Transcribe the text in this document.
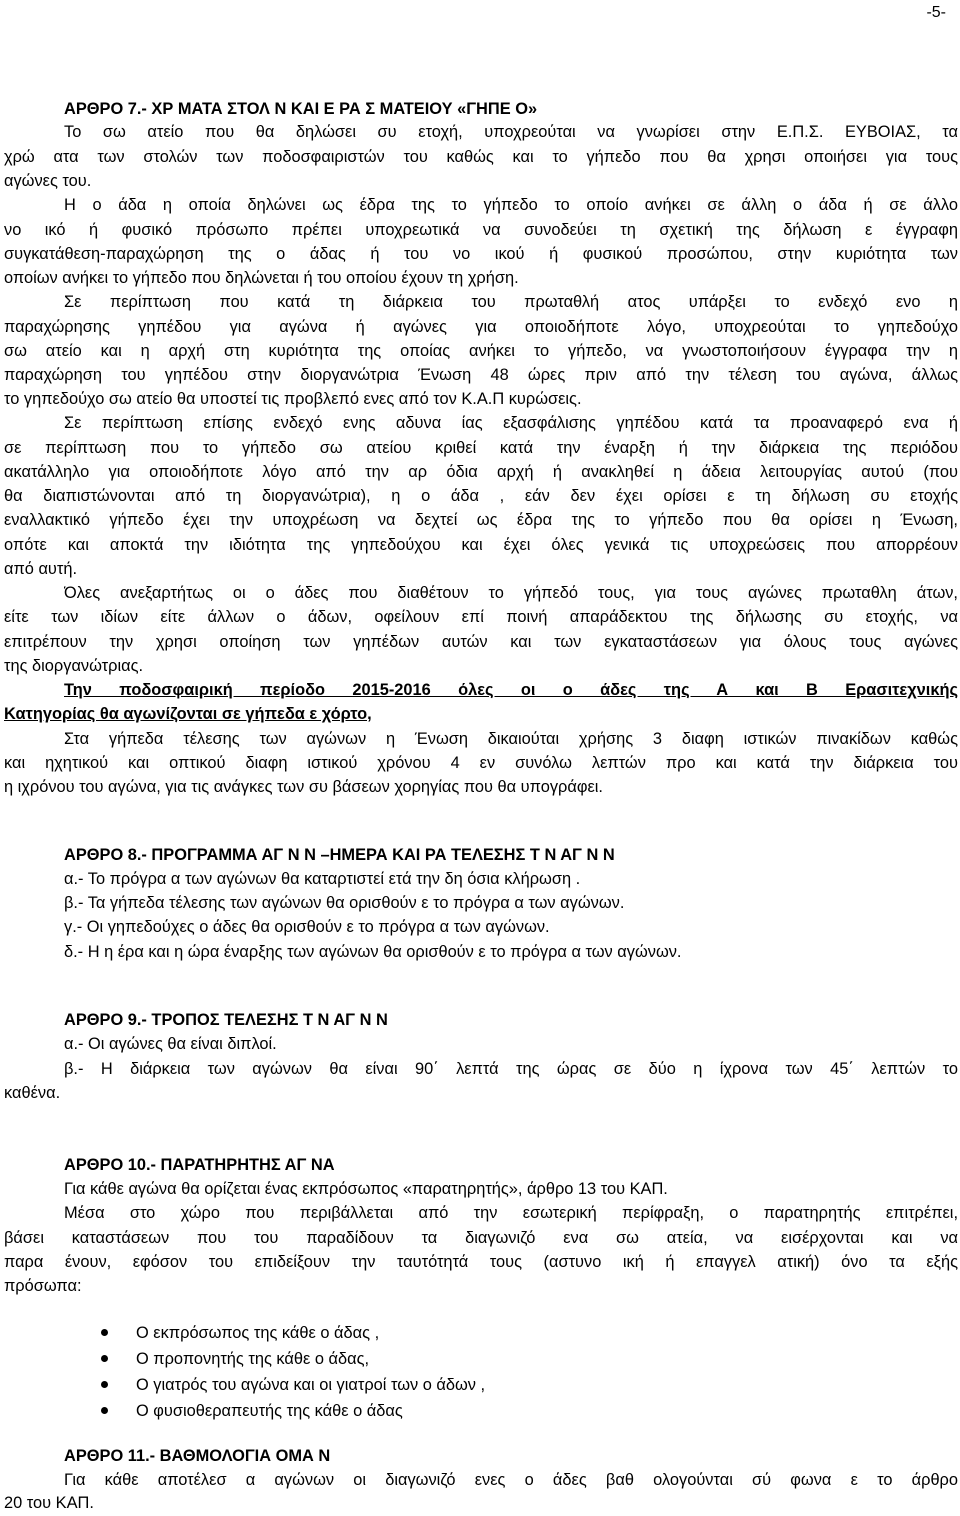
-5-
ΑΡΘΡΟ 7.- ΧΡ ΜΑΤΑ ΣΤΟΛ Ν ΚΑΙ Ε ΡΑ Σ ΜΑΤΕΙΟΥ «ΓΗΠΕ Ο»
Το σω ατείο που θα δηλώσει συ ετοχή, υποχρεούται να γνωρίσει στην Ε.Π.Σ. ΕΥΒΟΙΑΣ, τα
χρώ ατα των στολών των ποδοσφαιριστών του καθώς και το γήπεδο που θα χρησι οποιήσει για τους
αγώνες του.
Η ο άδα η οποία δηλώνει ως έδρα της το γήπεδο το οποίο ανήκει σε άλλη ο άδα ή σε άλλο
νο ικό ή φυσικό πρόσωπο πρέπει υποχρεωτικά να συνοδεύει τη σχετική της δήλωση ε έγγραφη
συγκατάθεση-παραχώρηση της ο άδας ή του νο ικού ή φυσικού προσώπου, στην κυριότητα των
οποίων ανήκει το γήπεδο που δηλώνεται ή του οποίου έχουν τη χρήση.
Σε περίπτωση που κατά τη διάρκεια του πρωταθλή ατος υπάρξει το ενδεχό ενο η
παραχώρησης γηπέδου για αγώνα ή αγώνες για οποιοδήποτε λόγο, υποχρεούται το γηπεδούχο
σω ατείο και η αρχή στη κυριότητα της οποίας ανήκει το γήπεδο, να γνωστοποιήσουν έγγραφα την η
παραχώρηση του γηπέδου στην διοργανώτρια Ένωση 48 ώρες πριν από την τέλεση του αγώνα, άλλως
το γηπεδούχο σω ατείο θα υποστεί τις προβλεπό ενες από τον Κ.Α.Π κυρώσεις.
Σε περίπτωση επίσης ενδεχό ενης αδυνα ίας εξασφάλισης γηπέδου κατά τα προαναφερό ενα ή
σε περίπτωση που το γήπεδο σω ατείου κριθεί κατά την έναρξη ή την διάρκεια της περιόδου
ακατάλληλο για οποιοδήποτε λόγο από την αρ όδια αρχή ή ανακληθεί η άδεια λειτουργίας αυτού (που
θα διαπιστώνονται από τη διοργανώτρια), η ο άδα , εάν δεν έχει ορίσει ε τη δήλωση συ ετοχής
εναλλακτικό γήπεδο έχει την υποχρέωση να δεχτεί ως έδρα της το γήπεδο που θα ορίσει η Ένωση,
οπότε και αποκτά την ιδιότητα της γηπεδούχου και έχει όλες γενικά τις υποχρεώσεις που απορρέουν
από αυτή.
Όλες ανεξαρτήτως οι ο άδες που διαθέτουν το γήπεδό τους, για τους αγώνες πρωταθλη άτων,
είτε των ιδίων είτε άλλων ο άδων, οφείλουν επί ποινή απαράδεκτου της δήλωσης συ ετοχής, να
επιτρέπουν την χρησι οποίηση των γηπέδων αυτών και των εγκαταστάσεων για όλους τους αγώνες
της διοργανώτριας.
Την ποδοσφαιρική περίοδο 2015-2016 όλες οι ο άδες της Α και Β Ερασιτεχνικής
Κατηγορίας θα αγωνίζονται σε γήπεδα ε χόρτο,
Στα γήπεδα τέλεσης των αγώνων η Ένωση δικαιούται χρήσης 3 διαφη ιστικών πινακίδων καθώς
και ηχητικού και οπτικού διαφη ιστικού χρόνου 4 εν συνόλω λεπτών προ και κατά την διάρκεια του
η ιχρόνου του αγώνα, για τις ανάγκες των συ βάσεων χορηγίας που θα υπογράφει.
ΑΡΘΡΟ 8.- ΠΡΟΓΡΑΜΜΑ ΑΓ Ν Ν –ΗΜΕΡΑ ΚΑΙ ΡΑ ΤΕΛΕΣΗΣ Τ Ν ΑΓ Ν Ν
α.- Το πρόγρα α των αγώνων θα καταρτιστεί ετά την δη όσια κλήρωση .
β.- Τα γήπεδα τέλεσης των αγώνων θα ορισθούν ε το πρόγρα α των αγώνων.
γ.- Οι γηπεδούχες ο άδες θα ορισθούν ε το πρόγρα α των αγώνων.
δ.- Η η έρα και η ώρα έναρξης των αγώνων θα ορισθούν ε το πρόγρα α των αγώνων.
ΑΡΘΡΟ 9.- ΤΡΟΠΟΣ ΤΕΛΕΣΗΣ Τ Ν ΑΓ Ν Ν
α.- Οι αγώνες θα είναι διπλοί.
β.- Η διάρκεια των αγώνων θα είναι 90΄ λεπτά της ώρας σε δύο η ίχρονα των 45΄ λεπτών το
καθένα.
ΑΡΘΡΟ 10.- ΠΑΡΑΤΗΡΗΤΗΣ ΑΓ ΝΑ
Για κάθε αγώνα θα ορίζεται ένας εκπρόσωπος «παρατηρητής», άρθρο 13 του ΚΑΠ.
Μέσα στο χώρο που περιβάλλεται από την εσωτερική περίφραξη, ο παρατηρητής επιτρέπει,
βάσει καταστάσεων που του παραδίδουν τα διαγωνιζό ενα σω ατεία, να εισέρχονται και να
παρα ένουν, εφόσον του επιδείξουν την ταυτότητά τους (αστυνο ική ή επαγγελ ατική) όνο τα εξής
πρόσωπα:
Ο εκπρόσωπος της κάθε ο άδας ,
Ο προπονητής της κάθε ο άδας,
Ο γιατρός του αγώνα και οι γιατροί των ο άδων ,
Ο φυσιοθεραπευτής της κάθε ο άδας
ΑΡΘΡΟ 11.- ΒΑΘΜΟΛΟΓΙΑ ΟΜΑ Ν
Για κάθε αποτέλεσ α αγώνων οι διαγωνιζό ενες ο άδες βαθ ολογούνται σύ φωνα ε το άρθρο
20 του ΚΑΠ.
